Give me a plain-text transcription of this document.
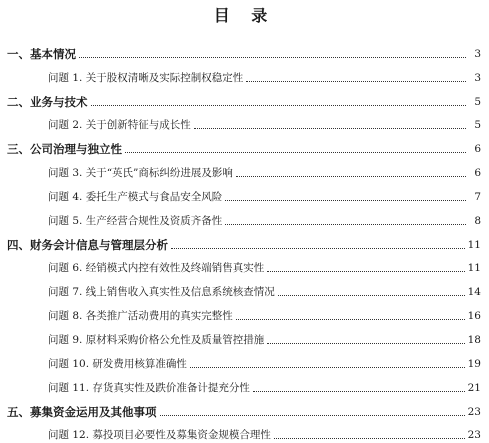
目 录
一、基本情况	3
问题 1. 关于股权清晰及实际控制权稳定性	3
二、业务与技术	5
问题 2. 关于创新特征与成长性	5
三、公司治理与独立性	6
问题 3. 关于“英氏”商标纠纷进展及影响	6
问题 4. 委托生产模式与食品安全风险	7
问题 5. 生产经营合规性及资质齐备性	8
四、财务会计信息与管理层分析	11
问题 6. 经销模式内控有效性及终端销售真实性	11
问题 7. 线上销售收入真实性及信息系统核查情况	14
问题 8. 各类推广活动费用的真实完整性	16
问题 9. 原材料采购价格公允性及质量管控措施	18
问题 10. 研发费用核算准确性	19
问题 11. 存货真实性及跌价准备计提充分性	21
五、募集资金运用及其他事项	23
问题 12. 募投项目必要性及募集资金规模合理性	23
